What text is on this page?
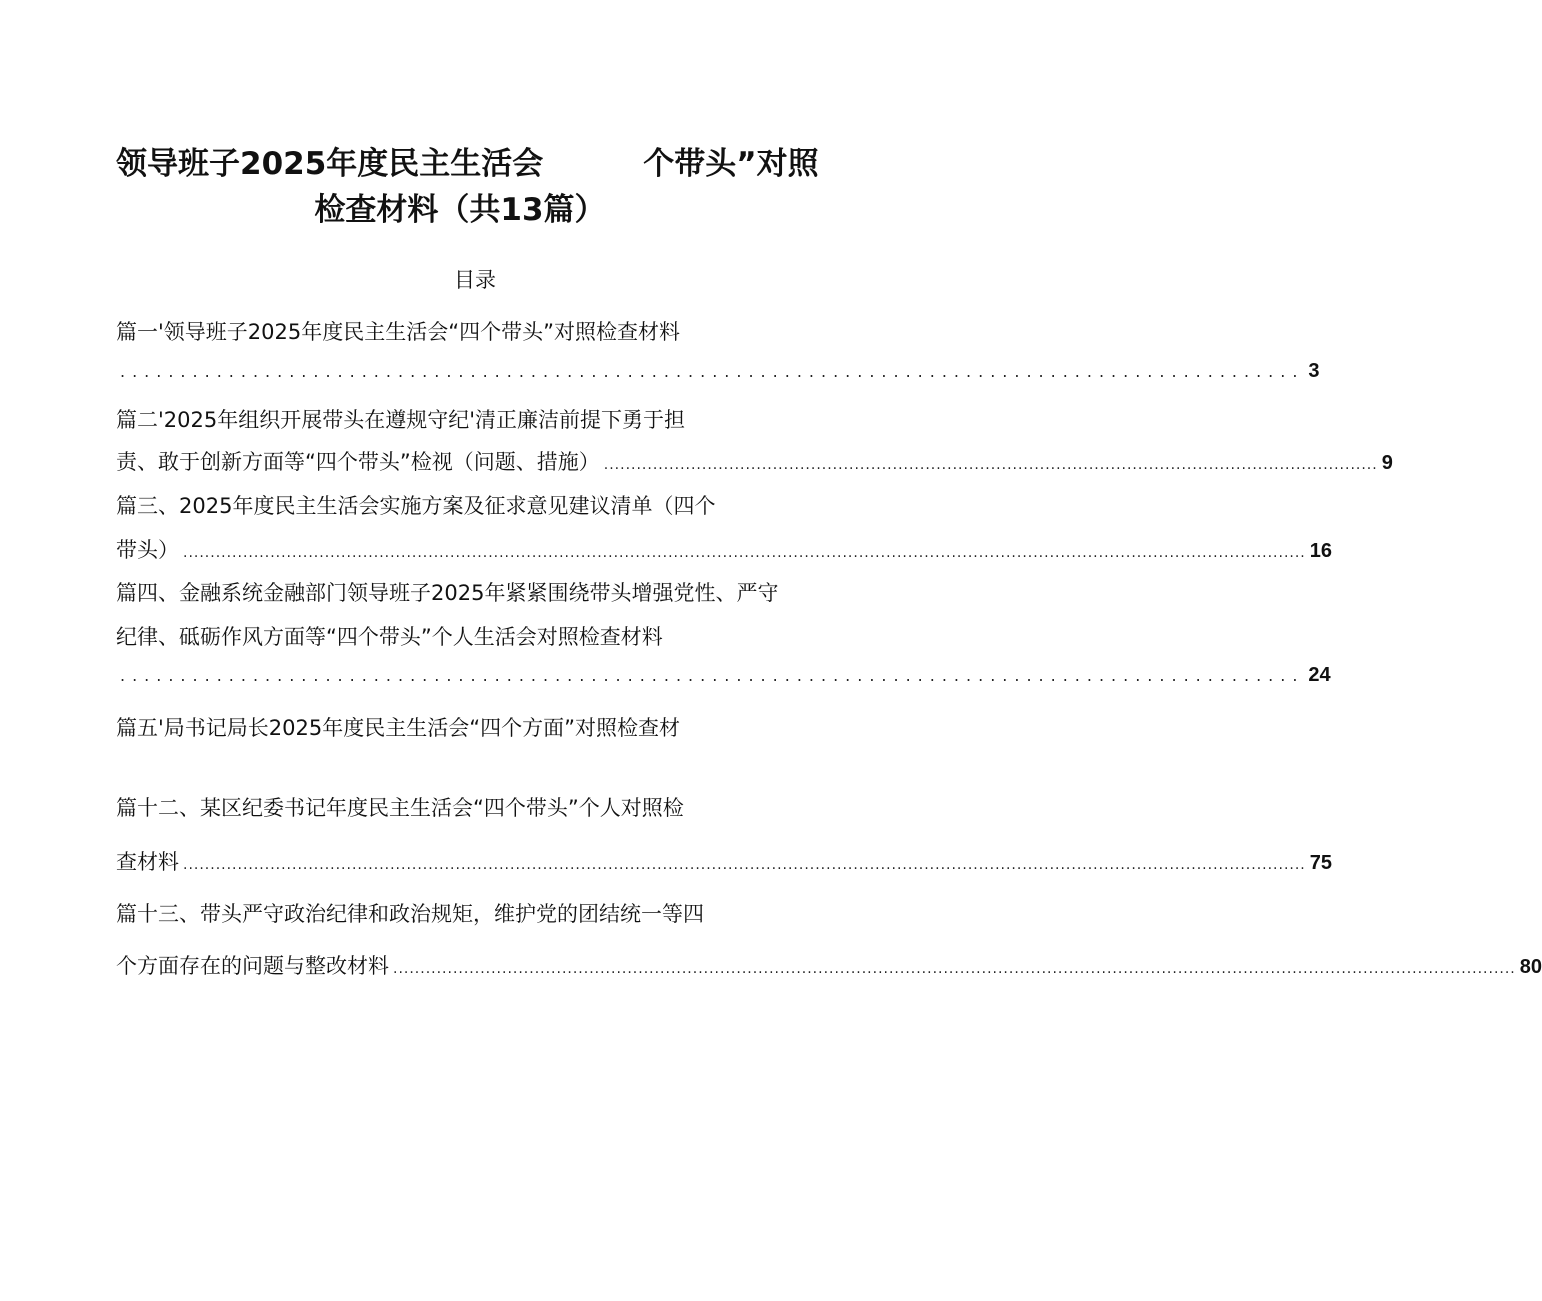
领导班子2025年度民主生活会	个带头”对照
检查材料（共13篇）
目录
篇一'领导班子2025年度民主生活会“四个带头”对照检查材料
.................................................................................................. 3
篇二'2025年组织开展带头在遵规守纪'清正廉洁前提下勇于担
责、敢于创新方面等“四个带头”检视（问题、措施） .............................................................................................................................................. 9
篇三、2025年度民主生活会实施方案及征求意见建议清单（四个
带头） .............................................................................................................................................................................................................. 16
篇四、金融系统金融部门领导班子2025年紧紧围绕带头增强党性、严守
纪律、砥砺作风方面等“四个带头”个人生活会对照检查材料
.................................................................................................. 24
篇五'局书记局长2025年度民主生活会“四个方面”对照检查材
篇十二、某区纪委书记年度民主生活会“四个带头”个人对照检
查材料 .............................................................................................................................................................................................................. 75
篇十三、带头严守政治纪律和政治规矩，维护党的团结统一等四
个方面存在的问题与整改材料 .............................................................................................................................................................................................................. 80
